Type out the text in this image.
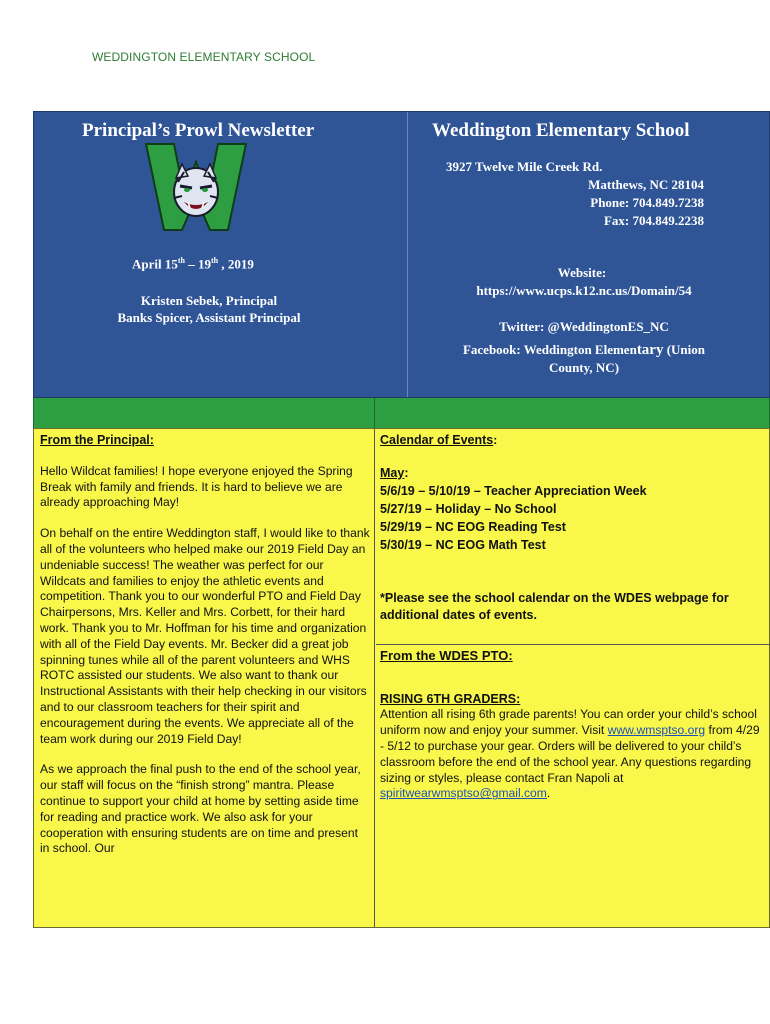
WEDDINGTON ELEMENTARY SCHOOL
Principal’s Prowl Newsletter
April 15th – 19th , 2019
Kristen Sebek, Principal
Banks Spicer, Assistant Principal
Weddington Elementary School
3927 Twelve Mile Creek Rd.
Matthews, NC 28104
Phone: 704.849.7238
Fax: 704.849.2238
Website:
https://www.ucps.k12.nc.us/Domain/54
Twitter: @WeddingtonES_NC
Facebook: Weddington Elementary (Union
County, NC)
From the Principal:

Hello Wildcat families! I hope everyone enjoyed the Spring Break with family and friends. It is hard to believe we are already approaching May!

On behalf on the entire Weddington staff, I would like to thank all of the volunteers who helped make our 2019 Field Day an undeniable success! The weather was perfect for our Wildcats and families to enjoy the athletic events and competition. Thank you to our wonderful PTO and Field Day Chairpersons, Mrs. Keller and Mrs. Corbett, for their hard work. Thank you to Mr. Hoffman for his time and organization with all of the Field Day events. Mr. Becker did a great job spinning tunes while all of the parent volunteers and WHS ROTC assisted our students. We also want to thank our Instructional Assistants with their help checking in our visitors and to our classroom teachers for their spirit and encouragement during the events. We appreciate all of the team work during our 2019 Field Day!

As we approach the final push to the end of the school year, our staff will focus on the “finish strong” mantra. Please continue to support your child at home by setting aside time for reading and practice work. We also ask for your cooperation with ensuring students are on time and present in school. Our

Calendar of Events:
May:
5/6/19 – 5/10/19 – Teacher Appreciation Week
5/27/19 – Holiday – No School
5/29/19 – NC EOG Reading Test
5/30/19 – NC EOG Math Test

*Please see the school calendar on the WDES webpage for additional dates of events.

From the WDES PTO:
RISING 6TH GRADERS:

Attention all rising 6th grade parents! You can order your child’s school uniform now and enjoy your summer. Visit www.wmsptso.org from 4/29 - 5/12 to purchase your gear. Orders will be delivered to your child’s classroom before the end of the school year. Any questions regarding sizing or styles, please contact Fran Napoli at spiritwearwmsptso@gmail.com.
